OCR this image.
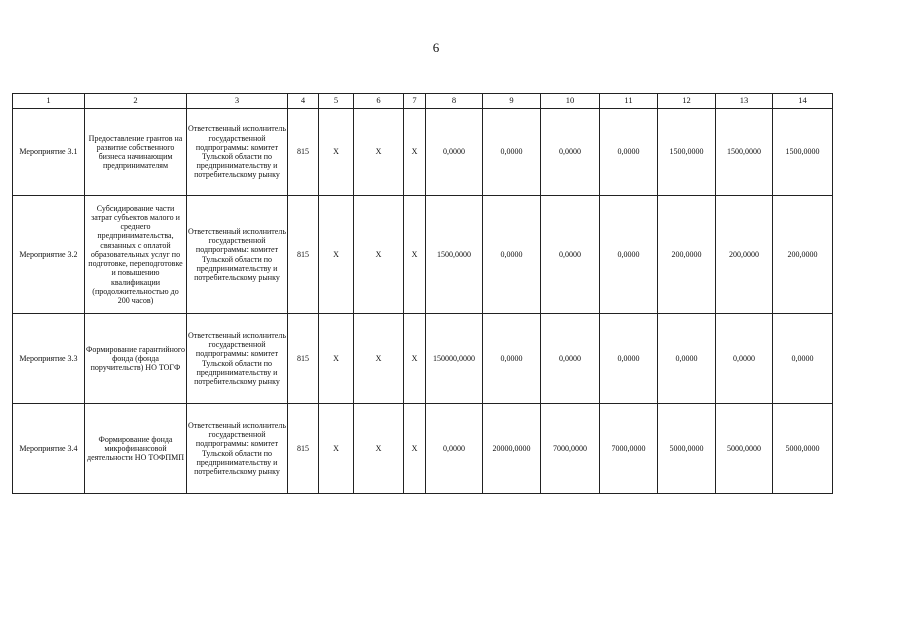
6
1	2	3	4	5	6	7	8	9	10	11	12	13	14
Мероприятие 3.1	Предоставление грантов на развитие собственного бизнеса начинающим предпринимателям	Ответственный исполнитель государственной подпрограммы: комитет Тульской области по предпринимательству и потребительскому рынку	815	X	X	X	0,0000	0,0000	0,0000	0,0000	1500,0000	1500,0000	1500,0000
Мероприятие 3.2	Субсидирование части затрат субъектов малого и среднего предпринимательства, связанных с оплатой образовательных услуг по подготовке, переподготовке и повышению квалификации (продолжительностью до 200 часов)	Ответственный исполнитель государственной подпрограммы: комитет Тульской области по предпринимательству и потребительскому рынку	815	X	X	X	1500,0000	0,0000	0,0000	0,0000	200,0000	200,0000	200,0000
Мероприятие 3.3	Формирование гарантийного фонда (фонда поручительств) НО ТОГФ	Ответственный исполнитель государственной подпрограммы: комитет Тульской области по предпринимательству и потребительскому рынку	815	X	X	X	150000,0000	0,0000	0,0000	0,0000	0,0000	0,0000	0,0000
Мероприятие 3.4	Формирование фонда микрофинансовой деятельности НО ТОФПМП	Ответственный исполнитель государственной подпрограммы: комитет Тульской области по предпринимательству и потребительскому рынку	815	X	X	X	0,0000	20000,0000	7000,0000	7000,0000	5000,0000	5000,0000	5000,0000
